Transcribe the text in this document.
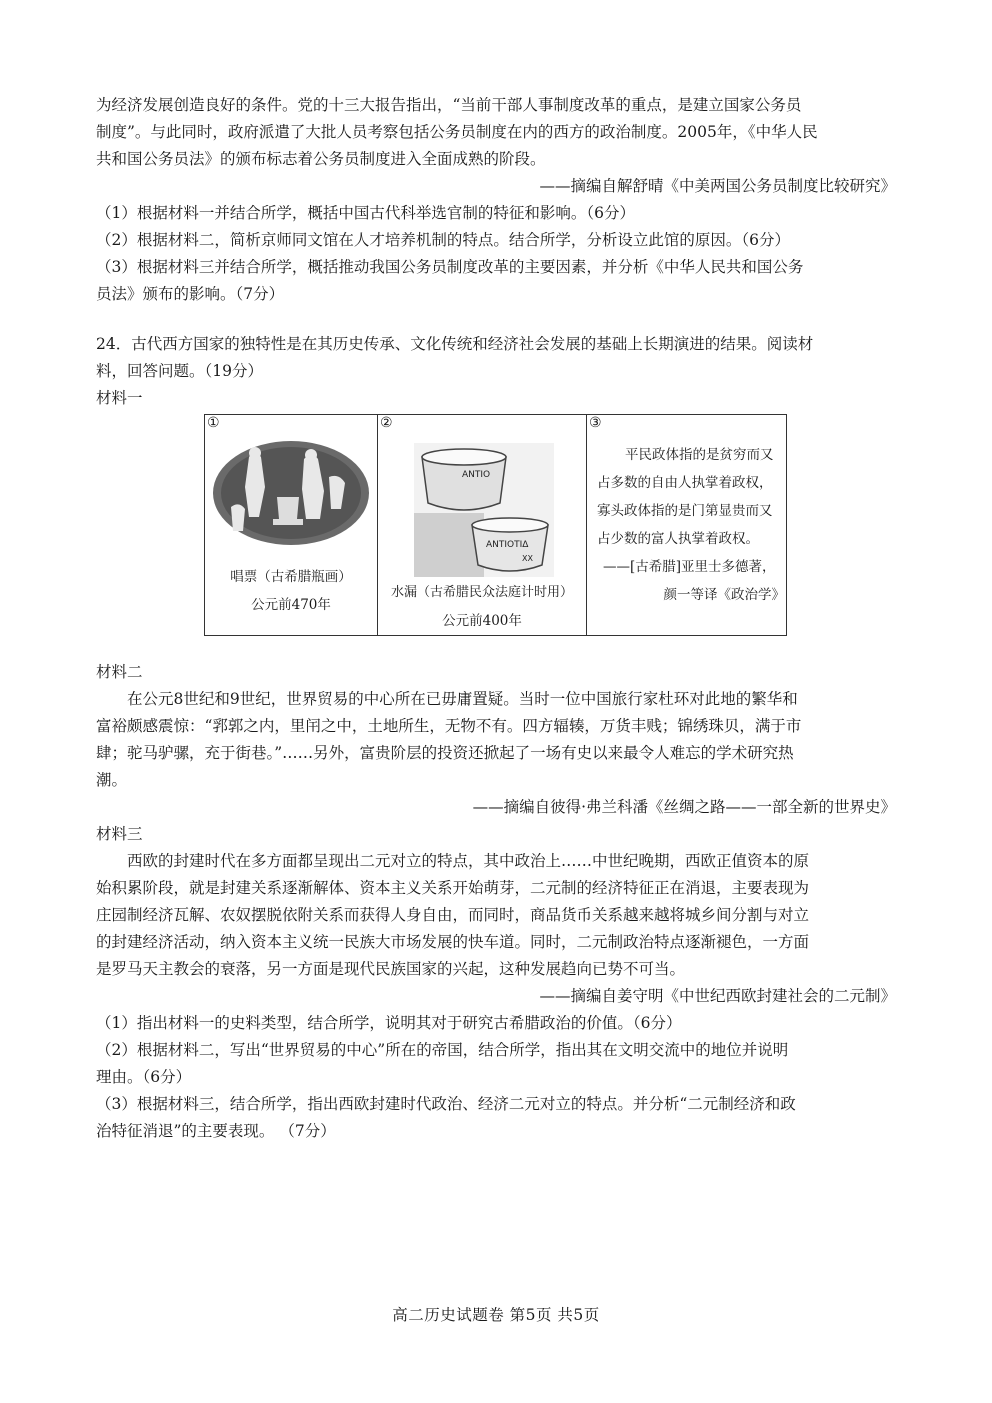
为经济发展创造良好的条件。党的十三大报告指出，“当前干部人事制度改革的重点，是建立国家公务员
制度”。与此同时，政府派遣了大批人员考察包括公务员制度在内的西方的政治制度。2005年，《中华人民
共和国公务员法》的颁布标志着公务员制度进入全面成熟的阶段。
——摘编自解舒晴《中美两国公务员制度比较研究》
（1）根据材料一并结合所学，概括中国古代科举选官制的特征和影响。（6分）
（2）根据材料二，简析京师同文馆在人才培养机制的特点。结合所学，分析设立此馆的原因。（6分）
（3）根据材料三并结合所学，概括推动我国公务员制度改革的主要因素，并分析《中华人民共和国公务
员法》颁布的影响。（7分）
24．古代西方国家的独特性是在其历史传承、文化传统和经济社会发展的基础上长期演进的结果。阅读材
料，回答问题。（19分）
材料一
材料二
在公元8世纪和9世纪，世界贸易的中心所在已毋庸置疑。当时一位中国旅行家杜环对此地的繁华和
富裕颇感震惊：“郛郭之内，里闬之中，土地所生，无物不有。四方辐辏，万货丰贱；锦绣珠贝，满于市
肆；驼马驴骡，充于街巷。”……另外，富贵阶层的投资还掀起了一场有史以来最令人难忘的学术研究热
潮。
——摘编自彼得·弗兰科潘《丝绸之路——一部全新的世界史》
材料三
西欧的封建时代在多方面都呈现出二元对立的特点，其中政治上……中世纪晚期，西欧正值资本的原
始积累阶段，就是封建关系逐渐解体、资本主义关系开始萌芽，二元制的经济特征正在消退，主要表现为
庄园制经济瓦解、农奴摆脱依附关系而获得人身自由，而同时，商品货币关系越来越将城乡间分割与对立
的封建经济活动，纳入资本主义统一民族大市场发展的快车道。同时，二元制政治特点逐渐褪色，一方面
是罗马天主教会的衰落，另一方面是现代民族国家的兴起，这种发展趋向已势不可当。
——摘编自姜守明《中世纪西欧封建社会的二元制》
（1）指出材料一的史料类型，结合所学，说明其对于研究古希腊政治的价值。（6分）
（2）根据材料二，写出“世界贸易的中心”所在的帝国，结合所学，指出其在文明交流中的地位并说明
理由。（6分）
（3）根据材料三，结合所学，指出西欧封建时代政治、经济二元对立的特点。并分析“二元制经济和政
治特征消退”的主要表现。 （7分）
①
唱票（古希腊瓶画）
公元前470年
②
ANTIO
ANTIOTIΔ
XX
水漏（古希腊民众法庭计时用）
公元前400年
③
平民政体指的是贫穷而又
占多数的自由人执掌着政权，
寡头政体指的是门第显贵而又
占少数的富人执掌着政权。
——[古希腊]亚里士多德著，
颜一等译《政治学》
高二历史试题卷 第5页 共5页
